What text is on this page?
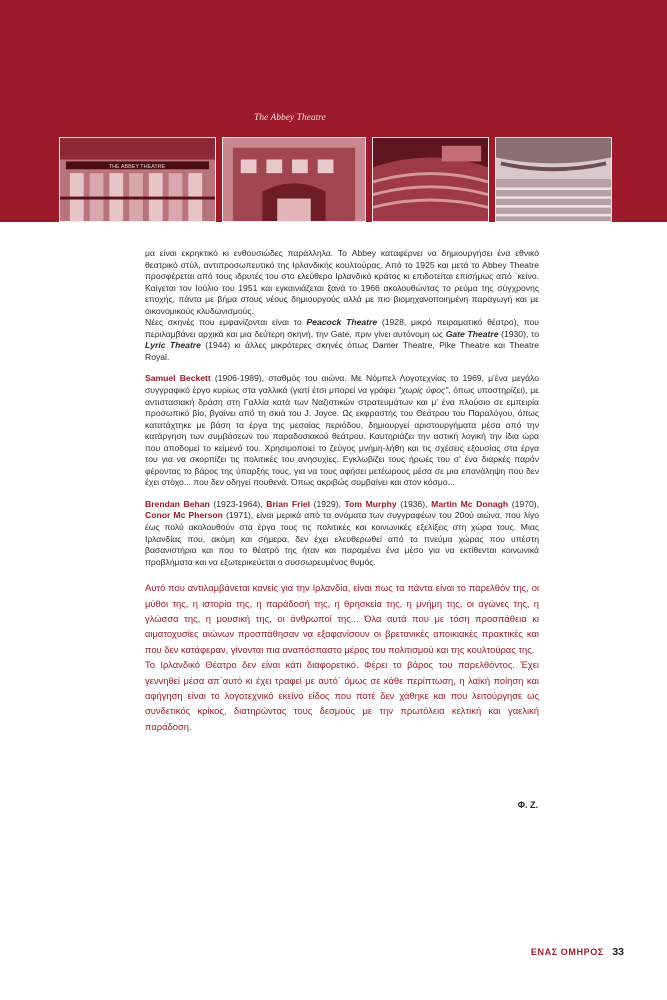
The Abbey Theatre
THE ABBEY THEATRE

μα είναι εκρηκτικό κι ενθουσιώδες παράλληλα. Το Abbey καταφέρνει να δημιουργήσει ένα εθνικό θεατρικό στύλ, αντιπροσωπευτικό της Ιρλανδικής κουλτούρας. Από το 1925 και μετά το Abbey Theatre προσφέρεται από τους ιδρυτές του στο ελεύθερο Ιρλανδικό κράτος κι επιδοτείται επισήμως από ΄κείνο. Καίγεται τον Ιούλιο του 1951 και εγκαινιάζεται ξανά το 1966 ακολουθώντας το ρεύμα της σύγχρονης εποχής, πάντα με βήμα στους νέους δημιουργούς αλλά με πιο βιομηχανοποιημένη παραγωγή και με οικονομικούς κλυδωνισμούς.

Νέες σκηνές που εμφανίζονται είναι το Peacock Theatre (1928, μικρό πειραματικό θέατρο), που περιλαμβάνει αρχικά και μια δεύτερη σκηνή, την Gate, πριν γίνει αυτόνομη ως Gate Theatre (1930), το Lyric Theatre (1944) κι άλλες μικρότερες σκηνές όπως Damer Theatre, Pike Theatre και Theatre Royal.

Samuel Beckett (1906-1989), σταθμός του αιώνα. Με Νόμπελ Λογοτεχνίας το 1969, μ'ένα μεγάλο συγγραφικό έργο κυρίως στα γαλλικά (γιατί έτσι μπορεί να γράφει "χωρίς ύφος", όπως υποστηρίζει), με αντιστασιακή δράση στη Γαλλία κατά των Ναζιστικών στρατευμάτων και μ' ένα πλούσιο σε εμπειρία προσωπικό βίο, βγαίνει από τη σκιά του J. Joyce. Ως εκφραστής του Θεάτρου του Παραλόγου, όπως κατατάχτηκε με βάση τα έργα της μεσαίας περιόδου, δημιουργεί αριστουργήματα μέσα από την κατάργηση των συμβάσεων του παραδοσιακού θεάτρου. Καυτηριάζει την αστική λογική την ίδια ώρα που αποδομεί το κείμενό του. Χρησιμοποιεί το ζεύγος μνήμη-λήθη και τις σχέσεις εξουσίας στα έργα του για να σκορπίζει τις πολιτικές του ανησυχίες. Εγκλωβίζει τους ήρωές του σ' ένα διαρκές παρόν φέροντας το βάρος της ύπαρξής τους, για να τους αφήσει μετέωρους μέσα σε μια επανάληψη που δεν έχει στόχο... που δεν οδηγεί πουθενά. Όπως ακριβώς συμβαίνει και στον κόσμο...

Brendan Behan (1923-1964), Brian Friel (1929), Tom Murphy (1936), Martin Mc Donagh (1970), Conor Mc Pherson (1971), είναι μερικά από τα ονόματα των συγγραφέων του 20ού αιώνα, που λίγο έως πολύ ακολουθούν στα έργα τους τις πολιτικές και κοινωνικές εξελίξεις στη χώρα τους. Μιας Ιρλανδίας που, ακόμη και σήμερα, δεν έχει ελευθερωθεί από το πνεύμα χώρας που υπέστη βασανιστήρια και που το θέατρό της ήταν και παραμένει ένα μέσο για να εκτίθενται κοινωνικά προβλήματα και να εξωτερικεύεται ο συσσωρευμένος θυμός.

Αυτό που αντιλαμβάνεται κανείς για την Ιρλανδία, είναι πως τα πάντα είναι το παρελθόν της, οι μύθοι της, η ιστορία της, η παράδοσή της, η θρησκεία της, η μνήμη της, οι αγώνες της, η γλώσσα της, η μουσική της, οι άνθρωποί της... Όλα αυτά που με τόση προσπάθεια κι αιματοχυσίες αιώνων προσπάθησαν να εξαφανίσουν οι βρετανικές αποικιακές πρακτικές και που δεν κατάφεραν, γίνονται πια αναπόσπαστο μέρος του πολιτισμού και της κουλτούρας της.

Το Ιρλανδικό Θέατρο δεν είναι κάτι διαφορετικό. Φέρει το βάρος του παρελθόντος. Έχει γεννηθεί μέσα απ΄αυτό κι έχει τραφεί με αυτό΄ όμως σε κάθε περίπτωση, η λαϊκή ποίηση και αφήγηση είναι το λογοτεχνικό εκείνο είδος που ποτέ δεν χάθηκε και που λειτούργησε ως συνδετικός κρίκος, διατηρώντας τους δεσμούς με την πρωτόλεια κελτική και γαελική παράδοση.

Φ. Ζ.
ΕΝΑΣ ΟΜΗΡΟΣ 33
